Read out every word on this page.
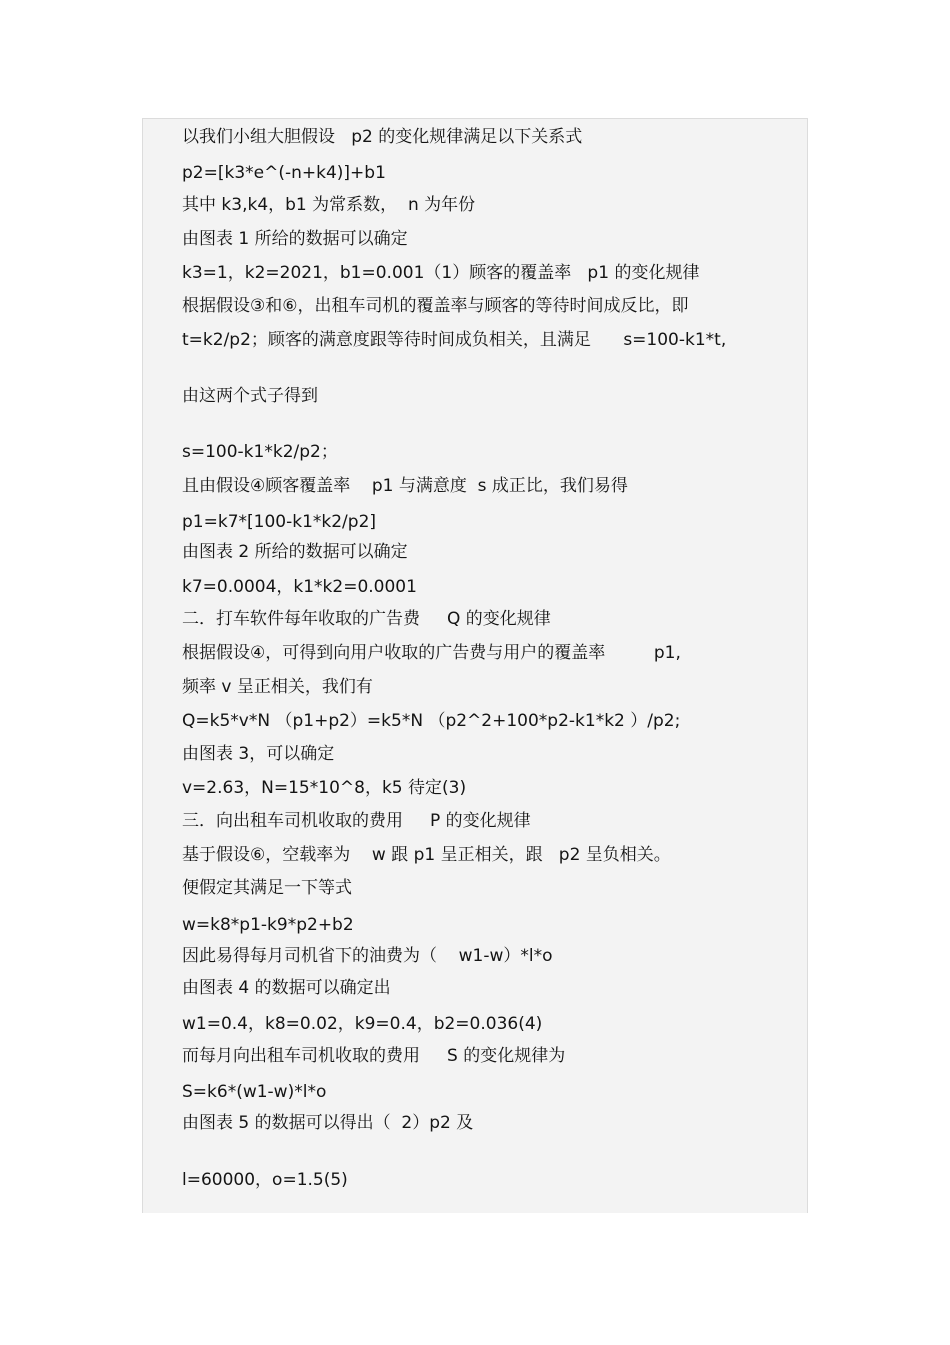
以我们小组大胆假设   p2 的变化规律满足以下关系式
p2=[k3*e^(-n+k4)]+b1
其中 k3,k4，b1 为常系数，  n 为年份
由图表 1 所给的数据可以确定
k3=1，k2=2021，b1=0.001（1）顾客的覆盖率   p1 的变化规律
根据假设③和⑥，出租车司机的覆盖率与顾客的等待时间成反比，即
t=k2/p2；顾客的满意度跟等待时间成负相关，且满足      s=100-k1*t,
由这两个式子得到
s=100-k1*k2/p2；
且由假设④顾客覆盖率    p1 与满意度  s 成正比，我们易得
p1=k7*[100-k1*k2/p2]
由图表 2 所给的数据可以确定
k7=0.0004，k1*k2=0.0001
二．打车软件每年收取的广告费     Q 的变化规律
根据假设④，可得到向用户收取的广告费与用户的覆盖率         p1,
频率 v 呈正相关，我们有
Q=k5*v*N （p1+p2）=k5*N （p2^2+100*p2-k1*k2 ）/p2;
由图表 3，可以确定
v=2.63，N=15*10^8，k5 待定(3)
三．向出租车司机收取的费用     P 的变化规律
基于假设⑥，空载率为    w 跟 p1 呈正相关，跟   p2 呈负相关。
便假定其满足一下等式
w=k8*p1-k9*p2+b2
因此易得每月司机省下的油费为（    w1-w）*l*o
由图表 4 的数据可以确定出
w1=0.4，k8=0.02，k9=0.4，b2=0.036(4)
而每月向出租车司机收取的费用     S 的变化规律为
S=k6*(w1-w)*l*o
由图表 5 的数据可以得出（  2）p2 及
l=60000，o=1.5(5)
